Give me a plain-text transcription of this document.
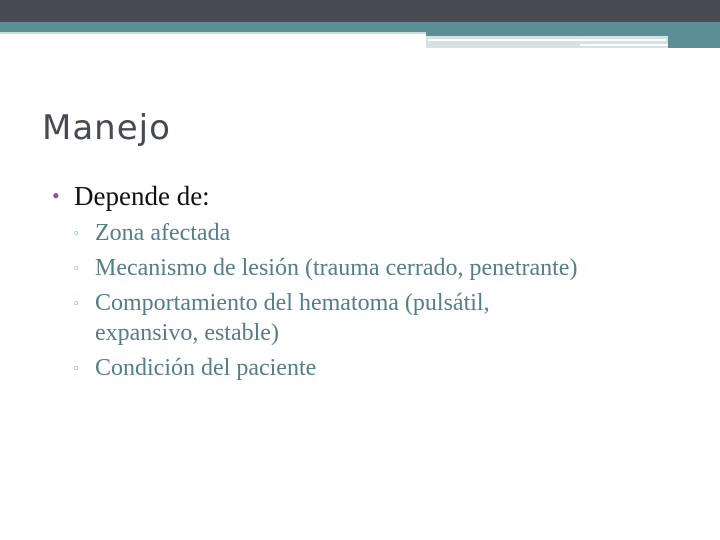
Manejo
• Depende de:
▫ Zona afectada
▫ Mecanismo de lesión (trauma cerrado, penetrante)
▫ Comportamiento del hematoma (pulsátil, expansivo, estable)
▫ Condición del paciente
